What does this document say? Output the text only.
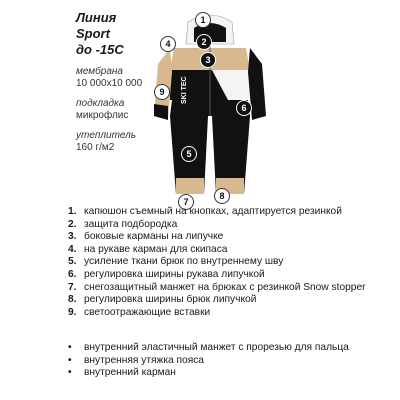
Линия

Sport

до -15С

мембрана
10 000х10 000
подкладка
микрофлис
утеплитель
160 г/м2
SKI TEC
1
2
4
3
9
6
5
8
7
1. капюшон съемный на кнопках, адаптируется резинкой
2. защита подбородка
3. боковые карманы на липучке
4. на рукаве карман для скипаса
5. усиление ткани брюк по внутреннему шву
6. регулировка ширины рукава липучкой
7. снегозащитный манжет на брюках с резинкой Snow stopper
8. регулировка ширины брюк липучкой
9. светоотражающие вставки
•	внутренний эластичный манжет с прорезью для пальца
•	внутренняя утяжка пояса
•	внутренний карман
